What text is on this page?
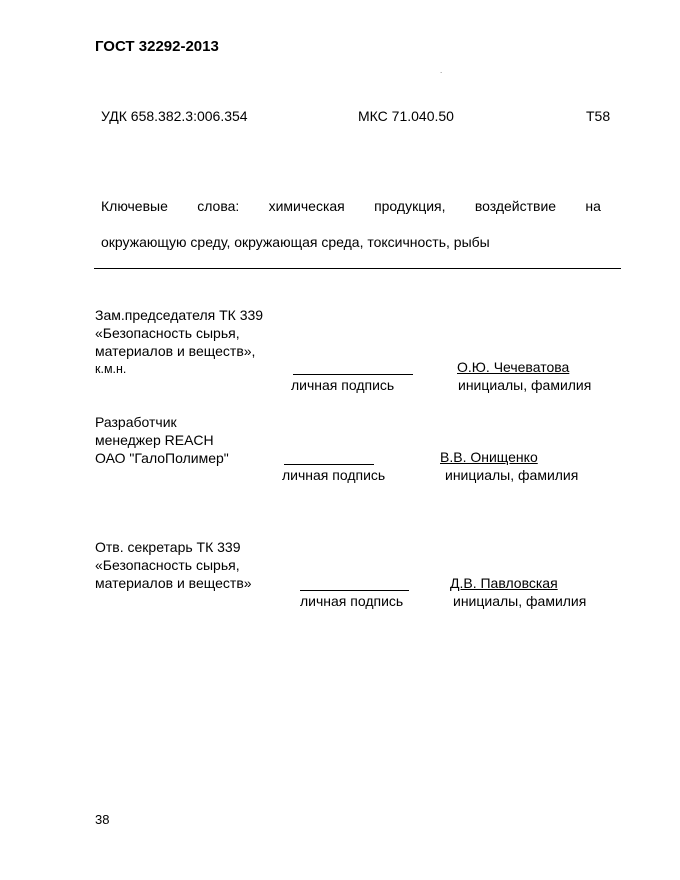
ГОСТ 32292-2013
.
УДК 658.382.3:006.354	МКС 71.040.50	Т58
Ключевые слова: химическая продукция, воздействие на
окружающую среду, окружающая среда, токсичность, рыбы
Зам.председателя ТК 339
«Безопасность сырья,
материалов и веществ»,
к.м.н.
личная подпись
О.Ю. Чечеватова
инициалы, фамилия
Разработчик
менеджер REACH
ОАО "ГалоПолимер"
личная подпись
В.В. Онищенко
инициалы, фамилия
Отв. секретарь ТК 339
«Безопасность сырья,
материалов и веществ»
личная подпись
Д.В. Павловская
инициалы, фамилия
38
